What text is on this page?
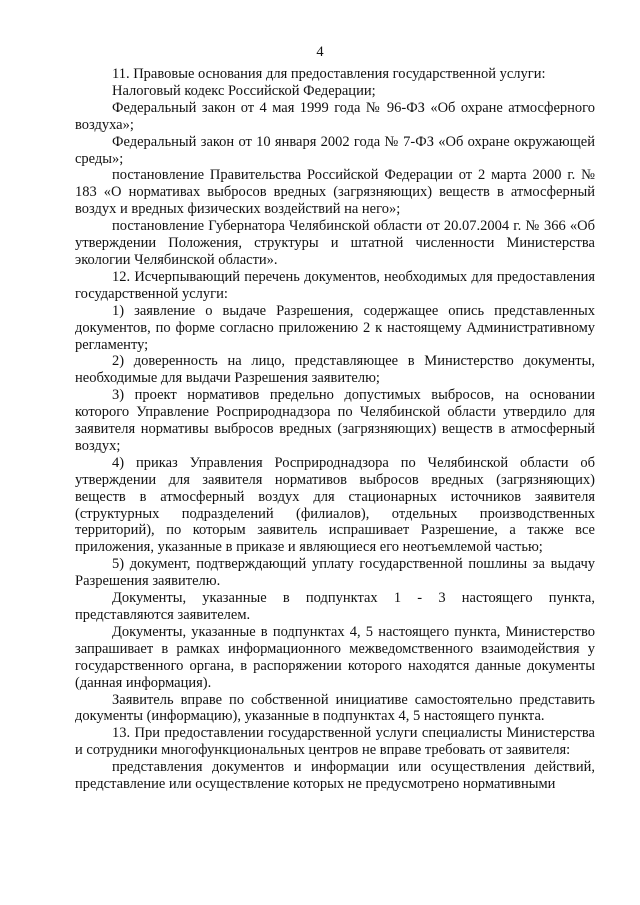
4

11. Правовые основания для предоставления государственной услуги:

Налоговый кодекс Российской Федерации;

Федеральный закон от 4 мая 1999 года № 96-ФЗ «Об охране атмосферного воздуха»;

Федеральный закон от 10 января 2002 года № 7-ФЗ «Об охране окружающей среды»;

постановление Правительства Российской Федерации от 2 марта 2000 г. № 183 «О нормативах выбросов вредных (загрязняющих) веществ в атмосферный воздух и вредных физических воздействий на него»;

постановление Губернатора Челябинской области от 20.07.2004 г. № 366 «Об утверждении Положения, структуры и штатной численности Министерства экологии Челябинской области».

12. Исчерпывающий перечень документов, необходимых для предоставления государственной услуги:

1) заявление о выдаче Разрешения, содержащее опись представленных документов, по форме согласно приложению 2 к настоящему Административному регламенту;

2) доверенность на лицо, представляющее в Министерство документы, необходимые для выдачи Разрешения заявителю;

3) проект нормативов предельно допустимых выбросов, на основании которого Управление Росприроднадзора по Челябинской области утвердило для заявителя нормативы выбросов вредных (загрязняющих) веществ в атмосферный воздух;

4) приказ Управления Росприроднадзора по Челябинской области об утверждении для заявителя нормативов выбросов вредных (загрязняющих) веществ в атмосферный воздух для стационарных источников заявителя (структурных подразделений (филиалов), отдельных производственных территорий), по которым заявитель испрашивает Разрешение, а также все приложения, указанные в приказе и являющиеся его неотъемлемой частью;

5) документ, подтверждающий уплату государственной пошлины за выдачу Разрешения заявителю.

Документы, указанные в подпунктах 1 - 3 настоящего пункта, представляются заявителем.

Документы, указанные в подпунктах 4, 5 настоящего пункта, Министерство запрашивает в рамках информационного межведомственного взаимодействия у государственного органа, в распоряжении которого находятся данные документы (данная информация).

Заявитель вправе по собственной инициативе самостоятельно представить документы (информацию), указанные в подпунктах 4, 5 настоящего пункта.

13. При предоставлении государственной услуги специалисты Министерства и сотрудники многофункциональных центров не вправе требовать от заявителя:

представления документов и информации или осуществления действий, представление или осуществление которых не предусмотрено нормативными
